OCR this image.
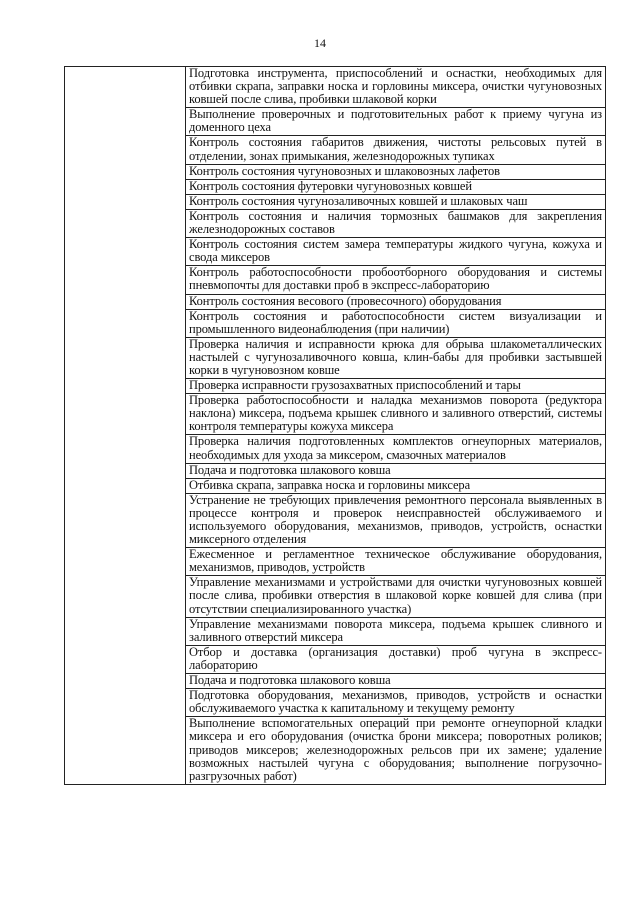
14
	Подготовка инструмента, приспособлений и оснастки, необходимых для отбивки скрапа, заправки носка и горловины миксера, очистки чугуновозных ковшей после слива, пробивки шлаковой корки
Выполнение проверочных и подготовительных работ к приему чугуна из доменного цеха
Контроль состояния габаритов движения, чистоты рельсовых путей в отделении, зонах примыкания, железнодорожных тупиках
Контроль состояния чугуновозных и шлаковозных лафетов
Контроль состояния футеровки чугуновозных ковшей
Контроль состояния чугунозаливочных ковшей и шлаковых чаш
Контроль состояния и наличия тормозных башмаков для закрепления железнодорожных составов
Контроль состояния систем замера температуры жидкого чугуна, кожуха и свода миксеров
Контроль работоспособности пробоотборного оборудования и системы пневмопочты для доставки проб в экспресс-лабораторию
Контроль состояния весового (провесочного) оборудования
Контроль состояния и работоспособности систем визуализации и промышленного видеонаблюдения (при наличии)
Проверка наличия и исправности крюка для обрыва шлакометаллических настылей с чугунозаливочного ковша, клин-бабы для пробивки застывшей корки в чугуновозном ковше
Проверка исправности грузозахватных приспособлений и тары
Проверка работоспособности и наладка механизмов поворота (редуктора наклона) миксера, подъема крышек сливного и заливного отверстий, системы контроля температуры кожуха миксера
Проверка наличия подготовленных комплектов огнеупорных материалов, необходимых для ухода за миксером, смазочных материалов
Подача и подготовка шлакового ковша
Отбивка скрапа, заправка носка и горловины миксера
Устранение не требующих привлечения ремонтного персонала выявленных в процессе контроля и проверок неисправностей обслуживаемого и используемого оборудования, механизмов, приводов, устройств, оснастки миксерного отделения
Ежесменное и регламентное техническое обслуживание оборудования, механизмов, приводов, устройств
Управление механизмами и устройствами для очистки чугуновозных ковшей после слива, пробивки отверстия в шлаковой корке ковшей для слива (при отсутствии специализированного участка)
Управление механизмами поворота миксера, подъема крышек сливного и заливного отверстий миксера
Отбор и доставка (организация доставки) проб чугуна в экспресс-лабораторию
Подача и подготовка шлакового ковша
Подготовка оборудования, механизмов, приводов, устройств и оснастки обслуживаемого участка к капитальному и текущему ремонту
Выполнение вспомогательных операций при ремонте огнеупорной кладки миксера и его оборудования (очистка брони миксера; поворотных роликов; приводов миксеров; железнодорожных рельсов при их замене; удаление возможных настылей чугуна с оборудования; выполнение погрузочно-разгрузочных работ)
